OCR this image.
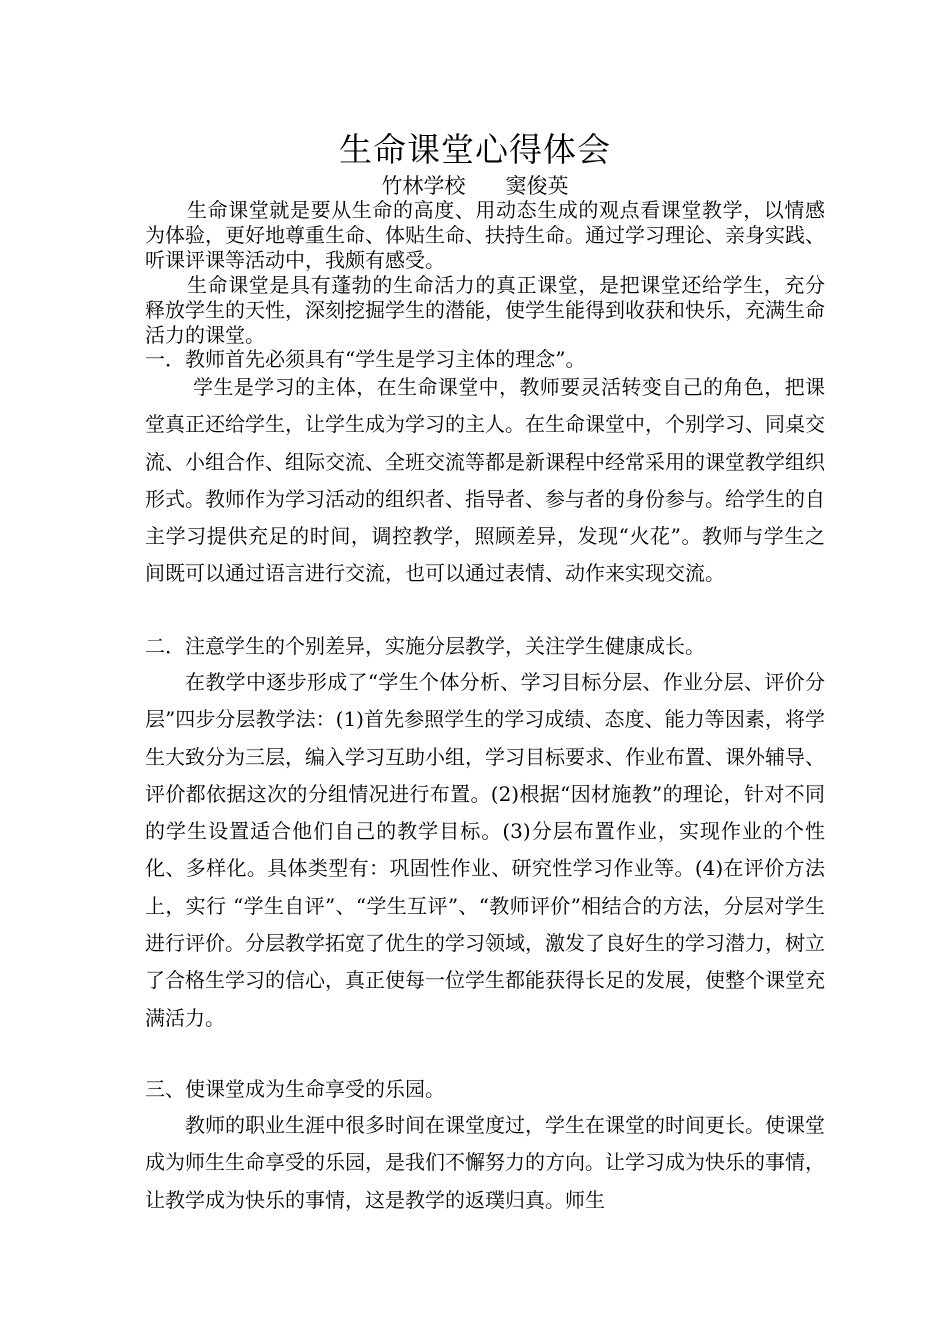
生命课堂心得体会
竹林学校      窦俊英

生命课堂就是要从生命的高度、用动态生成的观点看课堂教学，以情感为体验，更好地尊重生命、体贴生命、扶持生命。通过学习理论、亲身实践、听课评课等活动中，我颇有感受。

生命课堂是具有蓬勃的生命活力的真正课堂，是把课堂还给学生，充分释放学生的天性，深刻挖掘学生的潜能，使学生能得到收获和快乐，充满生命活力的课堂。

一．教师首先必须具有“学生是学习主体的理念”。

学生是学习的主体，在生命课堂中，教师要灵活转变自己的角色，把课堂真正还给学生，让学生成为学习的主人。在生命课堂中，个别学习、同桌交流、小组合作、组际交流、全班交流等都是新课程中经常采用的课堂教学组织形式。教师作为学习活动的组织者、指导者、参与者的身份参与。给学生的自主学习提供充足的时间，调控教学，照顾差异，发现“火花”。教师与学生之间既可以通过语言进行交流，也可以通过表情、动作来实现交流。

二．注意学生的个别差异，实施分层教学，关注学生健康成长。

在教学中逐步形成了“学生个体分析、学习目标分层、作业分层、评价分层”四步分层教学法：(1)首先参照学生的学习成绩、态度、能力等因素，将学生大致分为三层，编入学习互助小组，学习目标要求、作业布置、课外辅导、评价都依据这次的分组情况进行布置。(2)根据“因材施教”的理论，针对不同的学生设置适合他们自己的教学目标。(3)分层布置作业，实现作业的个性化、多样化。具体类型有：巩固性作业、研究性学习作业等。(4)在评价方法上，实行 “学生自评”、“学生互评”、“教师评价”相结合的方法，分层对学生进行评价。分层教学拓宽了优生的学习领域，激发了良好生的学习潜力，树立了合格生学习的信心，真正使每一位学生都能获得长足的发展，使整个课堂充满活力。

三、使课堂成为生命享受的乐园。

教师的职业生涯中很多时间在课堂度过，学生在课堂的时间更长。使课堂成为师生生命享受的乐园，是我们不懈努力的方向。让学习成为快乐的事情，让教学成为快乐的事情，这是教学的返璞归真。师生
